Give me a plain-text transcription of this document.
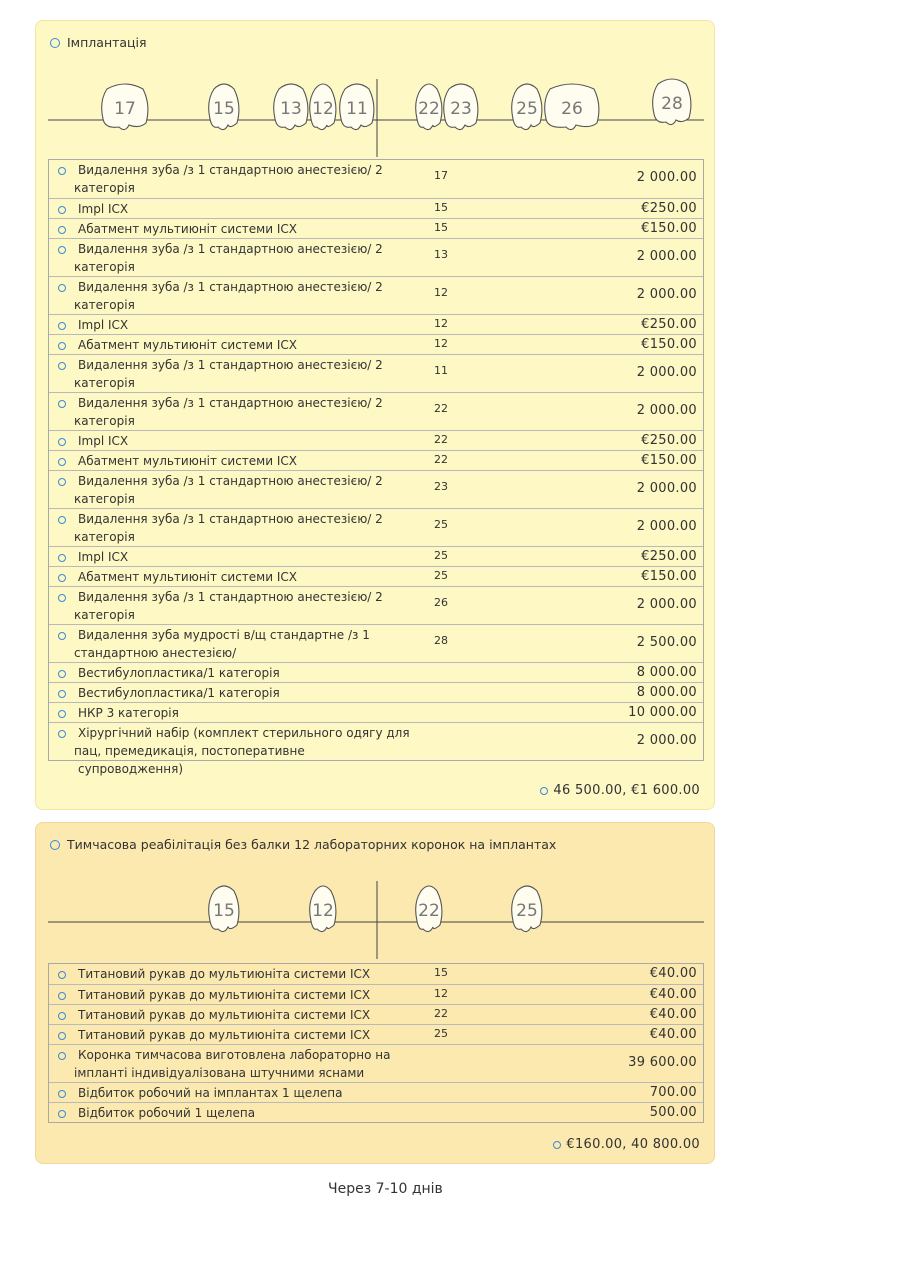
Імплантація
17	15	13 12 11	22 23	25 26	28
Видалення зуба /з 1 стандартною анестезією/ 2
категорія
17	2 000.00
Impl ICX	15	€250.00
Абатмент мультиюніт системи ICX	15	€150.00
Видалення зуба /з 1 стандартною анестезією/ 2
категорія
13	2 000.00
Видалення зуба /з 1 стандартною анестезією/ 2
категорія
12	2 000.00
Impl ICX	12	€250.00
Абатмент мультиюніт системи ICX	12	€150.00
Видалення зуба /з 1 стандартною анестезією/ 2
категорія
11	2 000.00
Видалення зуба /з 1 стандартною анестезією/ 2
категорія
22	2 000.00
Impl ICX	22	€250.00
Абатмент мультиюніт системи ICX	22	€150.00
Видалення зуба /з 1 стандартною анестезією/ 2
категорія
23	2 000.00
Видалення зуба /з 1 стандартною анестезією/ 2
категорія
25	2 000.00
Impl ICX	25	€250.00
Абатмент мультиюніт системи ICX	25	€150.00
Видалення зуба /з 1 стандартною анестезією/ 2
категорія
26	2 000.00
Видалення зуба мудрості в/щ стандартне /з 1
стандартною анестезією/
28	2 500.00
Вестибулопластика/1 категорія	8 000.00
Вестибулопластика/1 категорія	8 000.00
НКР 3 категорія	10 000.00
Хірургічний набір (комплект стерильного одягу для
пац, премедикація, постопeративне супроводження)
2 000.00
46 500.00, €1 600.00
Тимчасова реабілітація без балки 12 лабораторних коронок на імплантах
15	12	22	25
Титановий рукав до мультиюніта системи ICX	15	€40.00
Титановий рукав до мультиюніта системи ICX	12	€40.00
Титановий рукав до мультиюніта системи ICX	22	€40.00
Титановий рукав до мультиюніта системи ICX	25	€40.00
Коронка тимчасова виготовлена лабораторно на
імпланті індивідуалізована штучними яснами
39 600.00
Відбиток робочий на імплантах 1 щелепа	700.00
Відбиток робочий 1 щелепа	500.00
€160.00, 40 800.00
Через 7-10 днів
